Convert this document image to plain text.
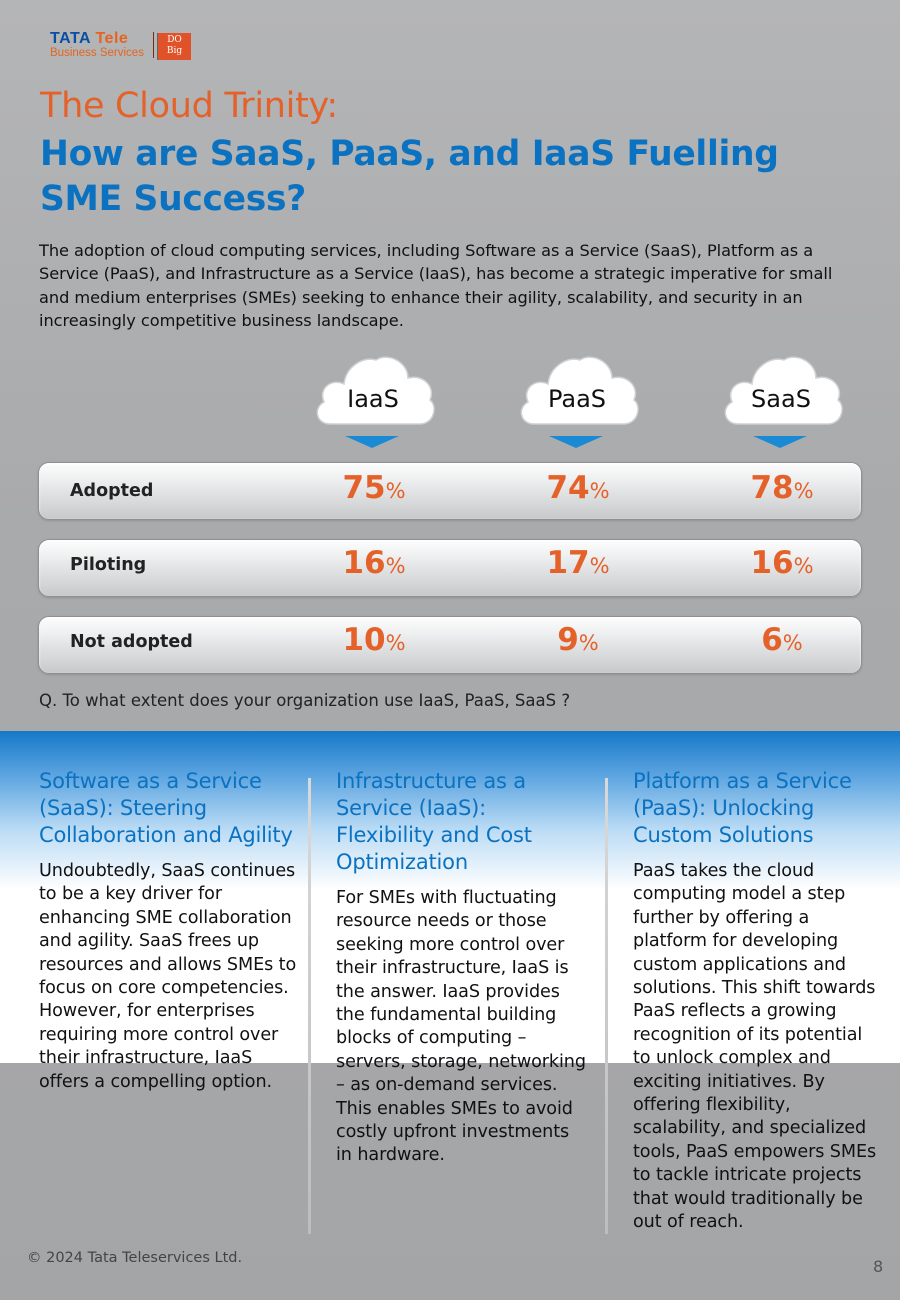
TATA Tele
Business Services
DO
Big
The Cloud Trinity:
How are SaaS, PaaS, and IaaS Fuelling SME Success?
The adoption of cloud computing services, including Software as a Service (SaaS), Platform as a Service (PaaS), and Infrastructure as a Service (IaaS), has become a strategic imperative for small and medium enterprises (SMEs) seeking to enhance their agility, scalability, and security in an increasingly competitive business landscape.
IaaS	PaaS	SaaS
Adopted	75%	74%	78%
Piloting	16%	17%	16%
Not adopted	10%	9%	6%
Q. To what extent does your organization use IaaS, PaaS, SaaS ?
Software as a Service (SaaS): Steering Collaboration and Agility
Undoubtedly, SaaS continues to be a key driver for enhancing SME collaboration and agility. SaaS frees up resources and allows SMEs to focus on core competencies. However, for enterprises requiring more control over their infrastructure, IaaS offers a compelling option.
Infrastructure as a Service (IaaS): Flexibility and Cost Optimization
For SMEs with fluctuating resource needs or those seeking more control over their infrastructure, IaaS is the answer. IaaS provides the fundamental building blocks of computing – servers, storage, networking – as on-demand services. This enables SMEs to avoid costly upfront investments in hardware.
Platform as a Service (PaaS): Unlocking Custom Solutions
PaaS takes the cloud computing model a step further by offering a platform for developing custom applications and solutions. This shift towards PaaS reflects a growing recognition of its potential to unlock complex and exciting initiatives. By offering flexibility, scalability, and specialized tools, PaaS empowers SMEs to tackle intricate projects that would traditionally be out of reach.
© 2024 Tata Teleservices Ltd.	8
